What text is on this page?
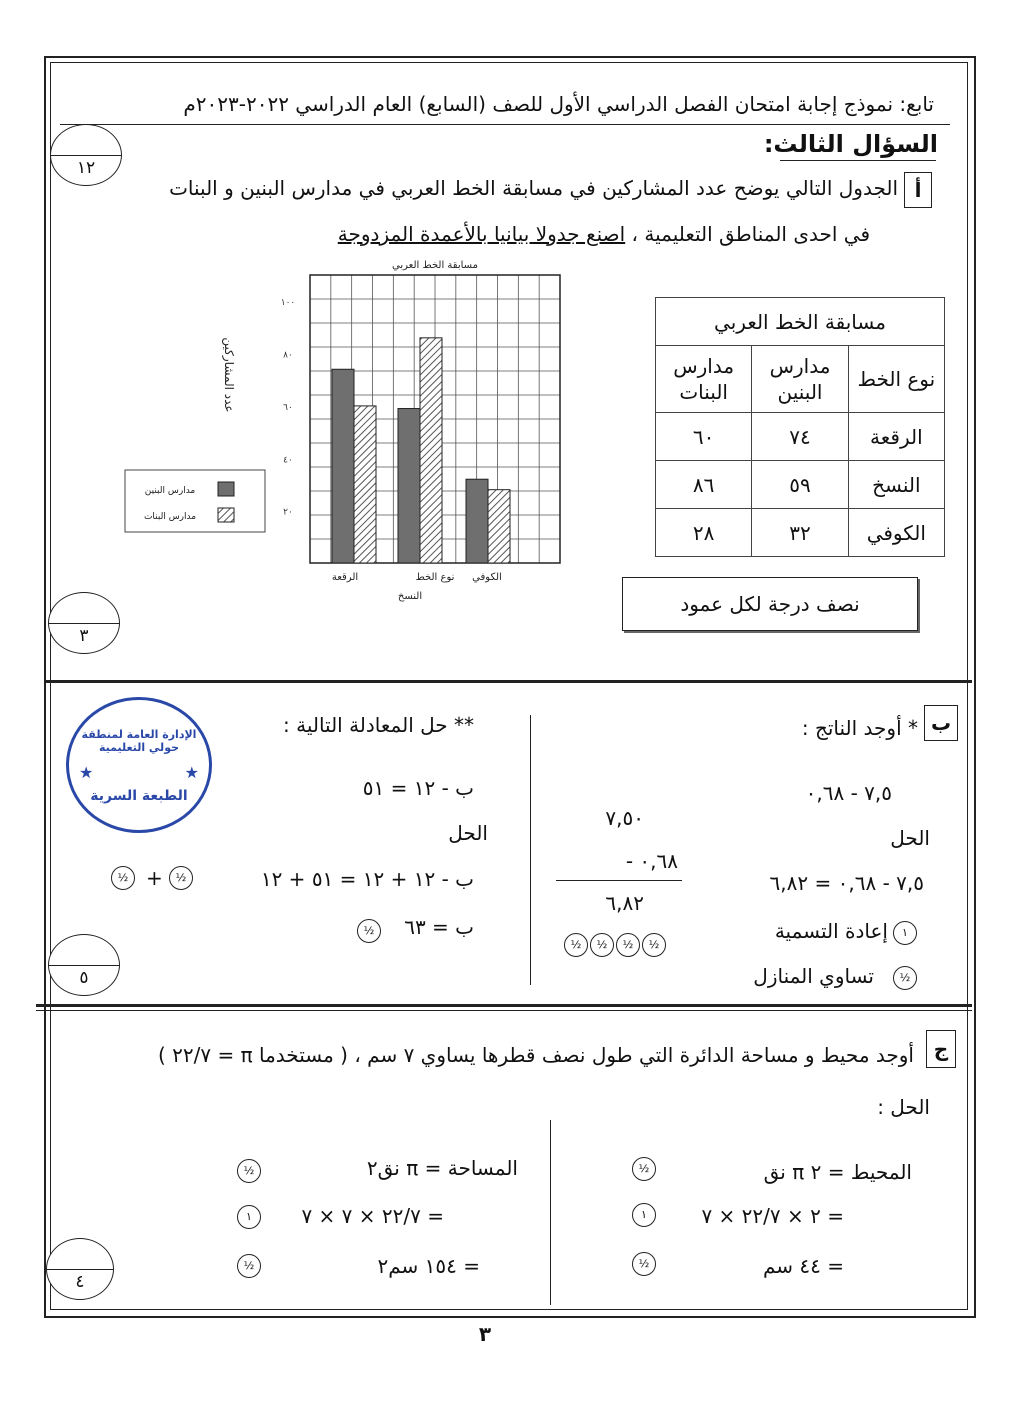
تابع: نموذج إجابة امتحان الفصل الدراسي الأول للصف (السابع) العام الدراسي ٢٠٢٢-٢٠٢٣م
السؤال الثالث:
١٢
أ
الجدول التالي يوضح عدد المشاركين في مسابقة الخط العربي في مدارس البنين و البنات
في احدى المناطق التعليمية ، اصنع جدولا بيانيا بالأعمدة المزدوجة
مسابقة الخط العربي
٢٠
٤٠
٦٠
٨٠
١٠٠
عدد المشاركين
الرقعة
النسخ
الكوفي
نوع الخط
مدارس البنين
مدارس البنات
مسابقة الخط العربي		
مدارس البنات	مدارس البنين	نوع الخط
٦٠	٧٤	الرقعة
٨٦	٥٩	النسخ
٢٨	٣٢	الكوفي
نصف درجة لكل عمود
٣
ب
الإدارة العامة لمنطقة حولي التعليمية
★	★
الطبعة السرية
* أوجد الناتج :
٧,٥ - ٠,٦٨
الحل
٧,٥ - ٠,٦٨ = ٦,٨٢
٧,٥٠
٠,٦٨ -
٦,٨٢
½ ½ ½ ½
إعادة التسمية	١
تساوي المنازل	½
** حل المعادلة التالية :
ب - ١٢ = ٥١
الحل
ب - ١٢ + ١٢ = ٥١ + ١٢
½
+
½
ب = ٦٣
½
٥
ج
أوجد محيط و مساحة الدائرة التي طول نصف قطرها يساوي ٧ سم ، ( مستخدما π = ٢٢/٧ )
الحل :
المحيط = ٢ π نق
½
= ٢ × ٢٢/٧ × ٧
١
= ٤٤ سم
½
المساحة = π نق٢
½
= ٢٢/٧ × ٧ × ٧
١
= ١٥٤ سم٢
½
٤
٣
